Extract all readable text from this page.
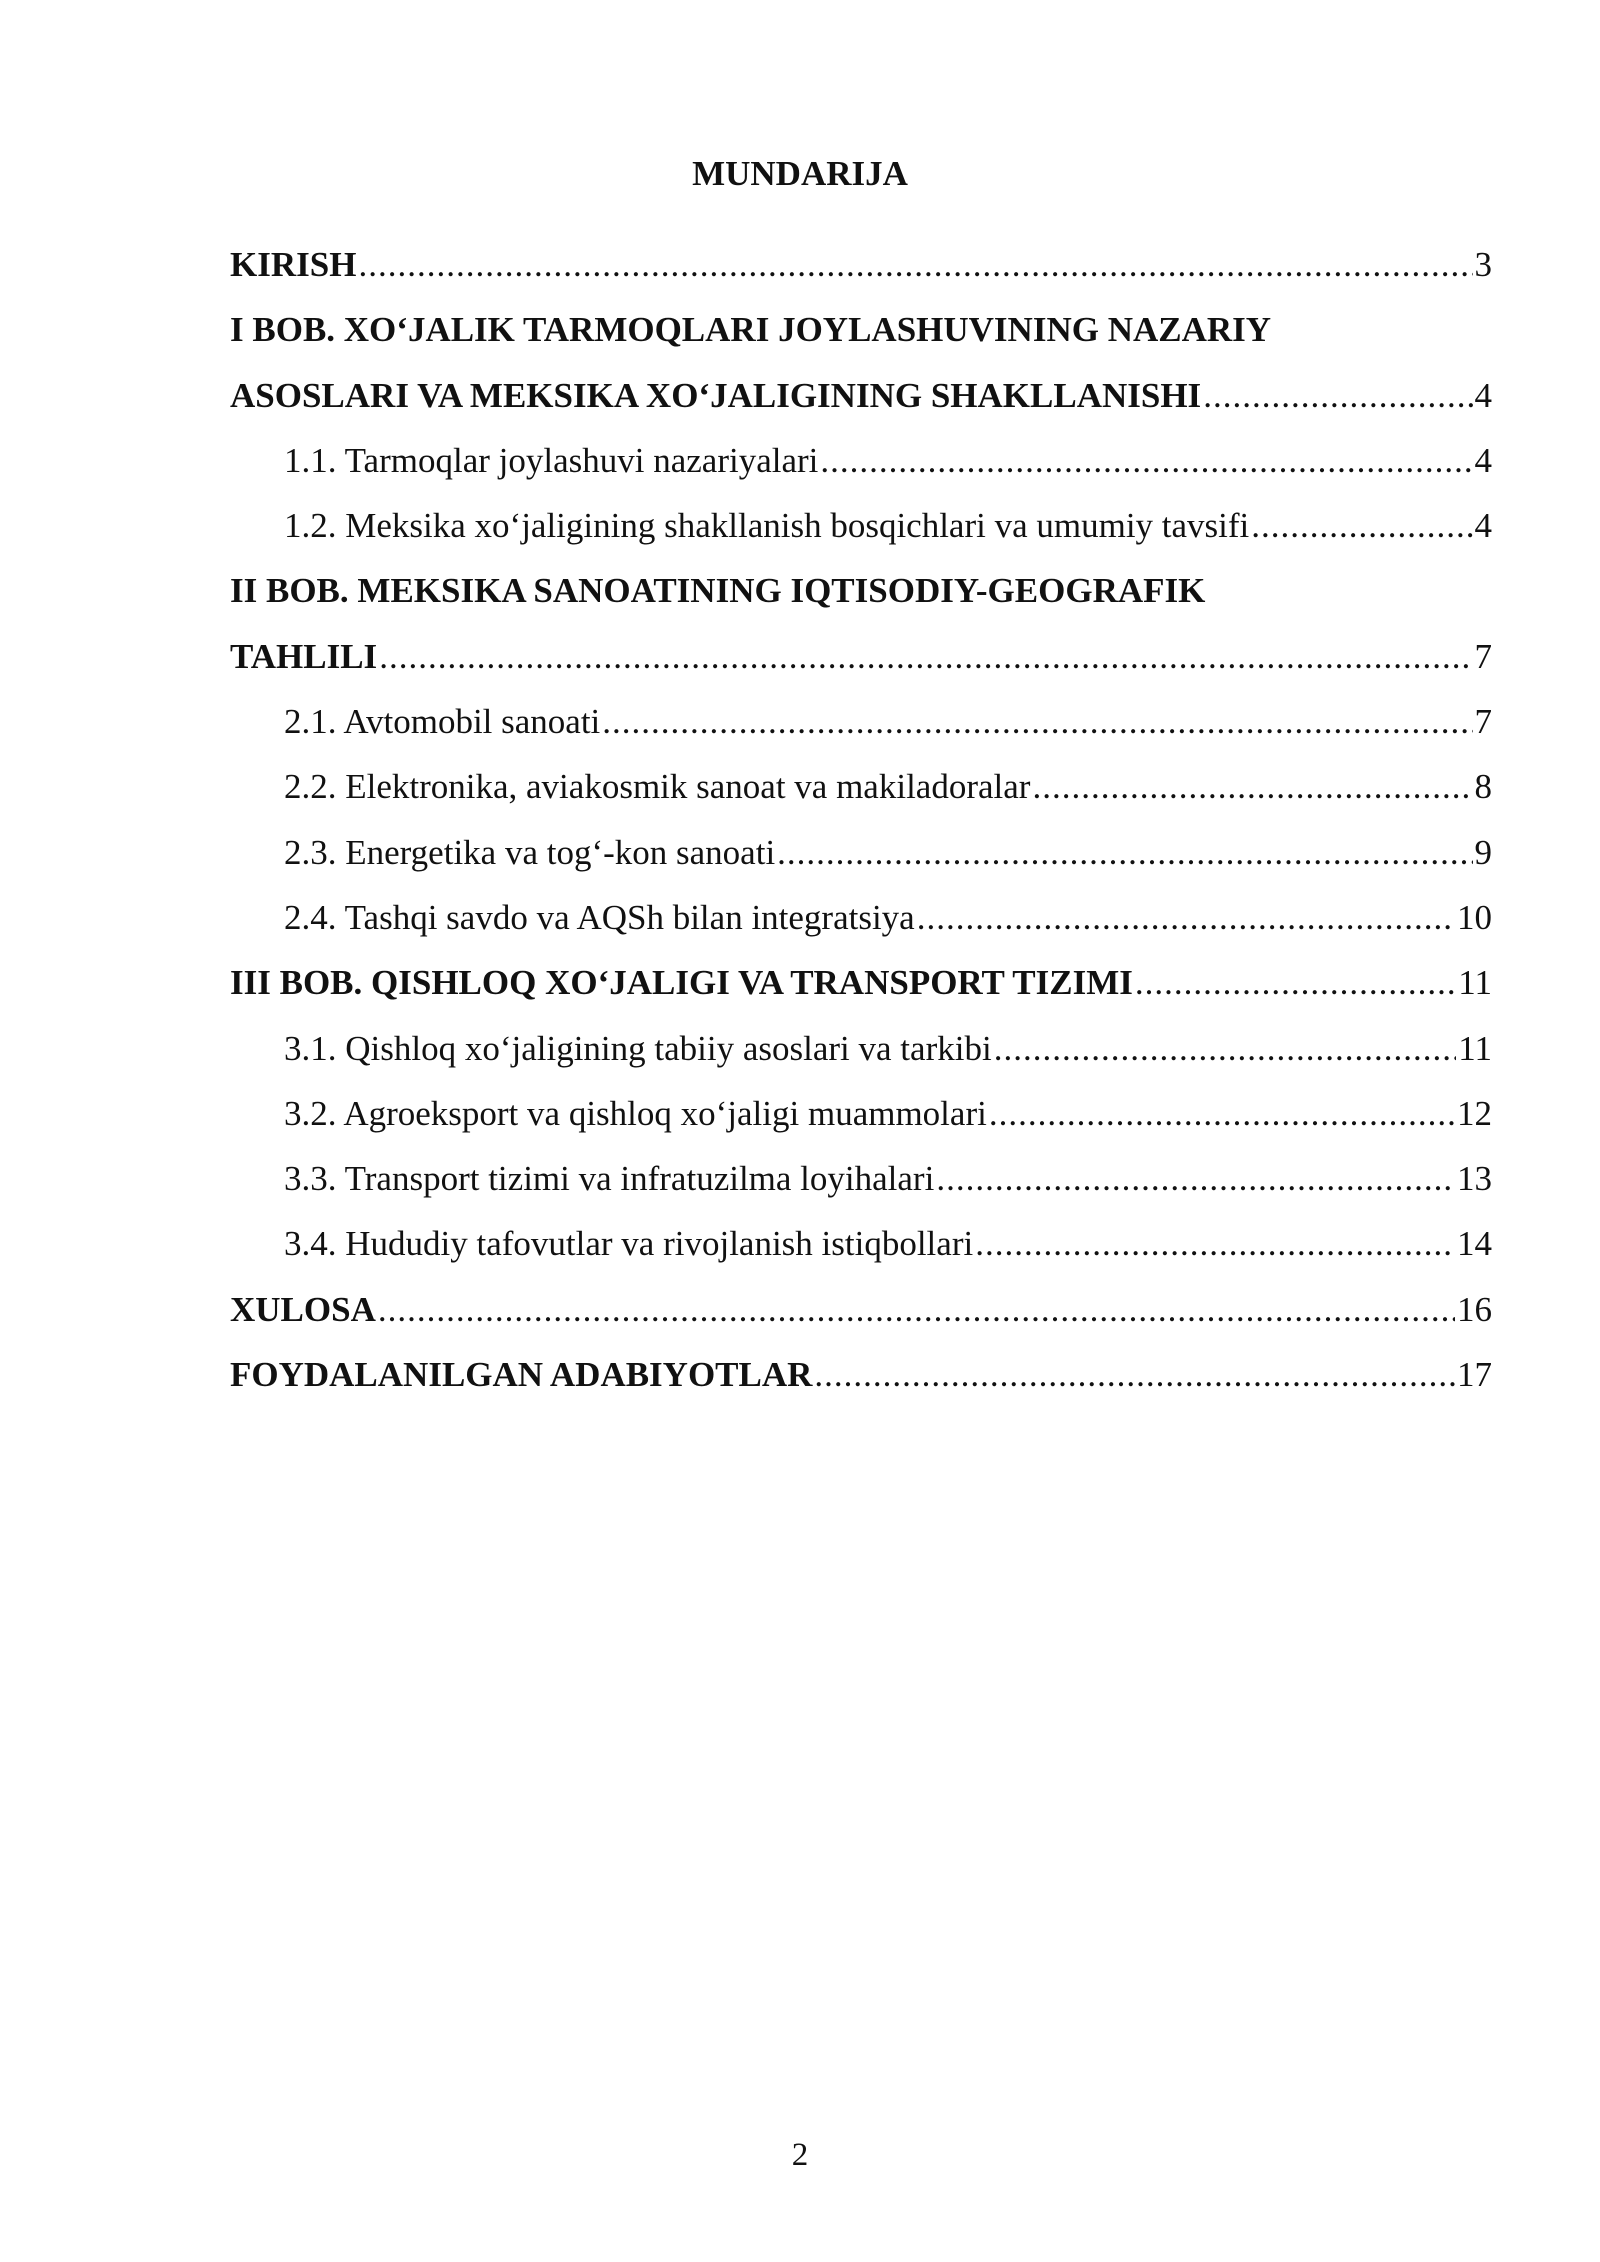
MUNDARIJA
KIRISH .....	3
I BOB. XO‘JALIK TARMOQLARI JOYLASHUVINING NAZARIY
ASOSLARI VA MEKSIKA XO‘JALIGINING SHAKLLANISHI .....	4
1.1. Tarmoqlar joylashuvi nazariyalari .....	4
1.2. Meksika xo‘jaligining shakllanish bosqichlari va umumiy tavsifi .....	4
II BOB. MEKSIKA SANOATINING IQTISODIY-GEOGRAFIK
TAHLILI .....	7
2.1. Avtomobil sanoati .....	7
2.2. Elektronika, aviakosmik sanoat va makiladoralar .....	8
2.3. Energetika va tog‘-kon sanoati .....	9
2.4. Tashqi savdo va AQSh bilan integratsiya .....	10
III BOB. QISHLOQ XO‘JALIGI VA TRANSPORT TIZIMI .....	11
3.1. Qishloq xo‘jaligining tabiiy asoslari va tarkibi .....	11
3.2. Agroeksport va qishloq xo‘jaligi muammolari .....	12
3.3. Transport tizimi va infratuzilma loyihalari .....	13
3.4. Hududiy tafovutlar va rivojlanish istiqbollari .....	14
XULOSA .....	16
FOYDALANILGAN ADABIYOTLAR .....	17
2
